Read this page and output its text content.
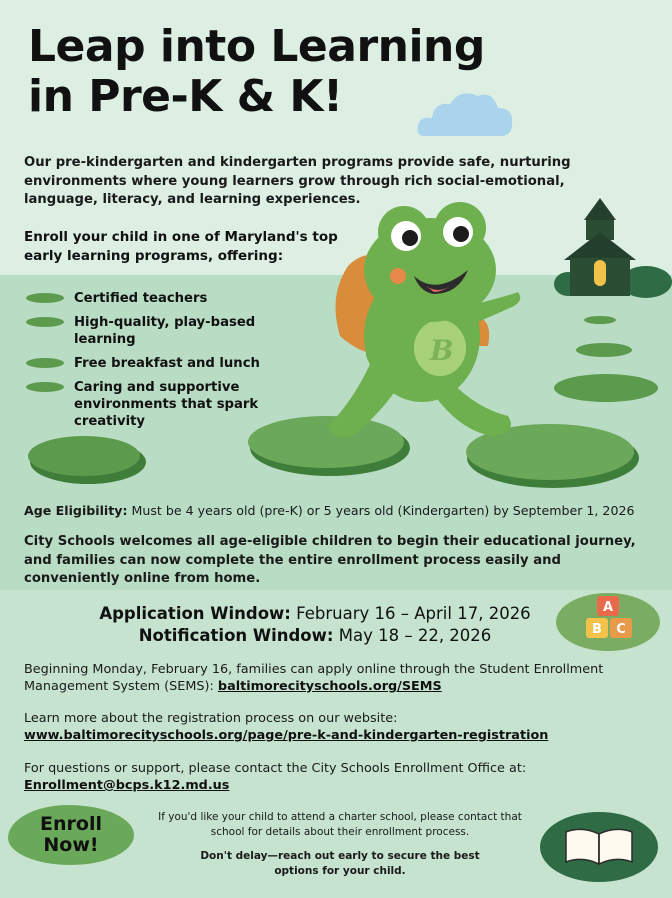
Leap into Learning
in Pre-K & K!

Our pre-kindergarten and kindergarten programs provide safe, nurturing environments where young learners grow through rich social-emotional, language, literacy, and learning experiences.

Enroll your child in one of Maryland's top early learning programs, offering:

Certified teachers
High-quality, play-based learning
Free breakfast and lunch
Caring and supportive environments that spark creativity
B

Age Eligibility: Must be 4 years old (pre-K) or 5 years old (Kindergarten) by September 1, 2026

City Schools welcomes all age-eligible children to begin their educational journey, and families can now complete the entire enrollment process easily and conveniently online from home.

Application Window: February 16 – April 17, 2026
Notification Window: May 18 – 22, 2026
A
B C

Beginning Monday, February 16, families can apply online through the Student Enrollment Management System (SEMS): baltimorecityschools.org/SEMS

Learn more about the registration process on our website:
www.baltimorecityschools.org/page/pre-k-and-kindergarten-registration

For questions or support, please contact the City Schools Enrollment Office at:
Enrollment@bcps.k12.md.us

Enroll
Now!

If you'd like your child to attend a charter school, please contact that school for details about their enrollment process.

Don't delay—reach out early to secure the best options for your child.
